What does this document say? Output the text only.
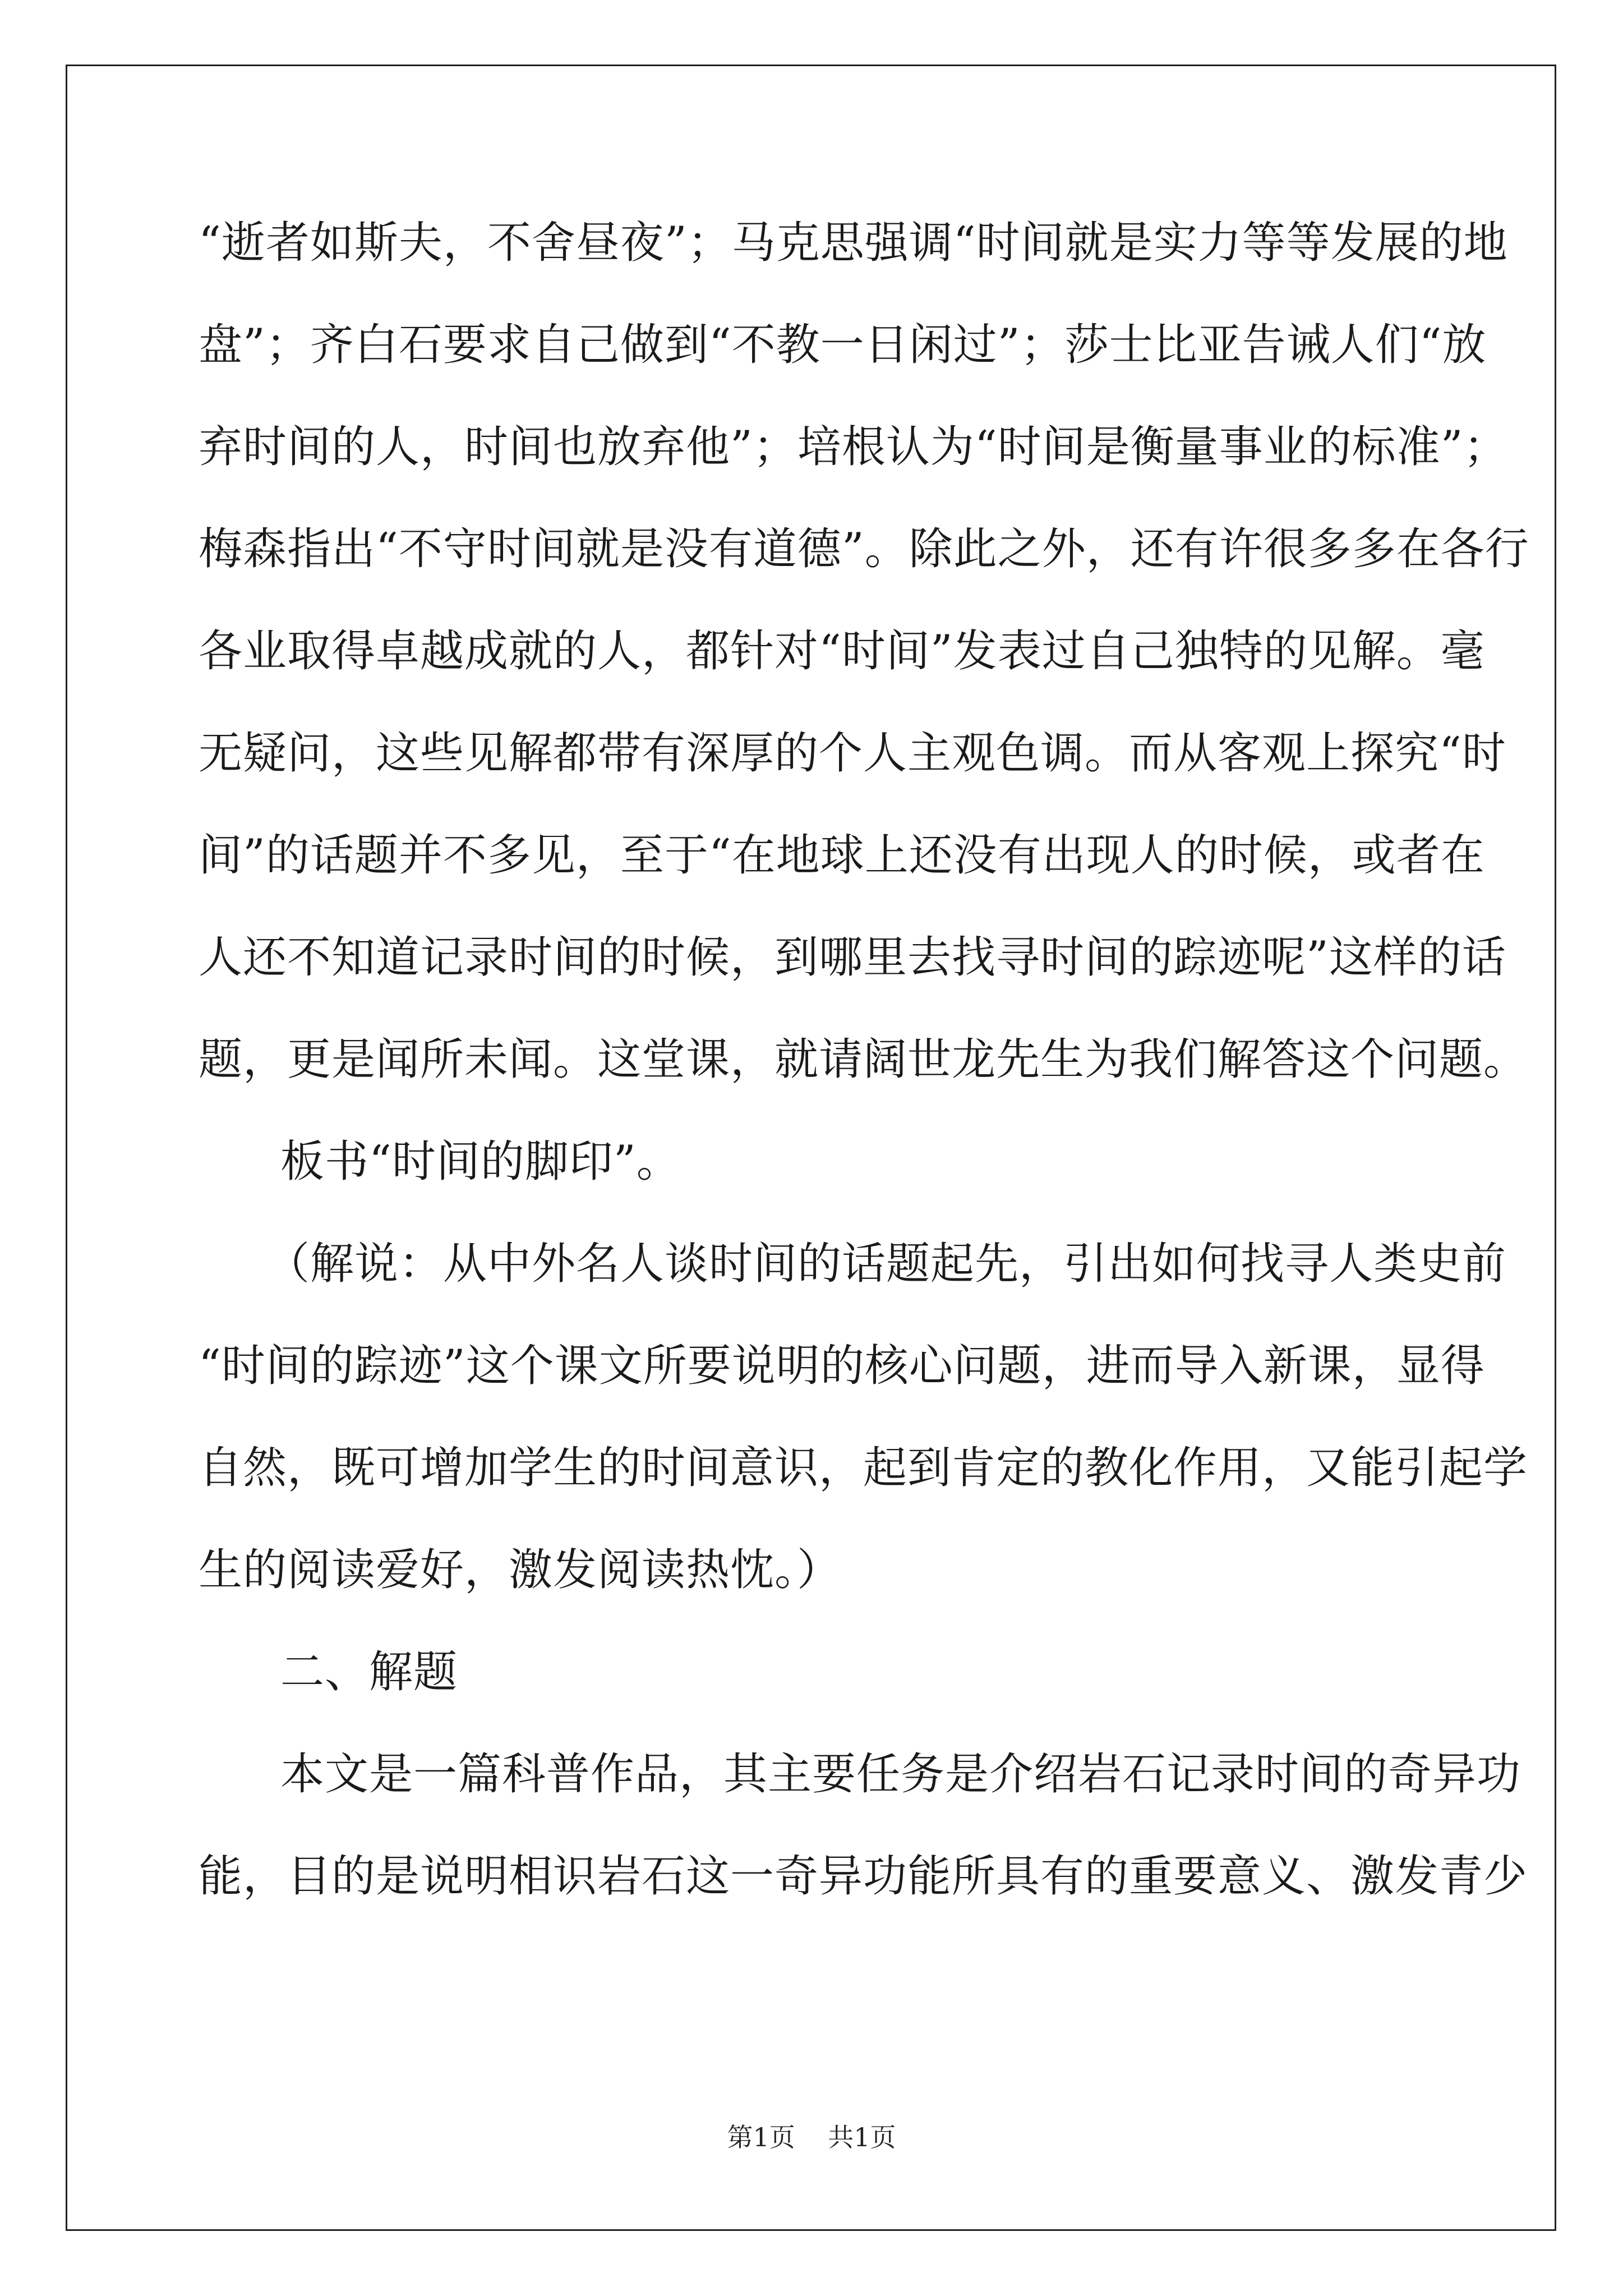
“逝者如斯夫，不舍昼夜”；马克思强调“时间就是实力等等发展的地
盘”；齐白石要求自己做到“不教一日闲过”；莎士比亚告诫人们“放
弃时间的人，时间也放弃他”；培根认为“时间是衡量事业的标准”；
梅森指出“不守时间就是没有道德”。除此之外，还有许很多多在各行
各业取得卓越成就的人，都针对“时间”发表过自己独特的见解。毫
无疑问，这些见解都带有深厚的个人主观色调。而从客观上探究“时
间”的话题并不多见，至于“在地球上还没有出现人的时候，或者在
人还不知道记录时间的时候，到哪里去找寻时间的踪迹呢”这样的话
题，更是闻所未闻。这堂课，就请阔世龙先生为我们解答这个问题。
板书“时间的脚印”。
（解说：从中外名人谈时间的话题起先，引出如何找寻人类史前
“时间的踪迹”这个课文所要说明的核心问题，进而导入新课，显得
自然，既可增加学生的时间意识，起到肯定的教化作用，又能引起学
生的阅读爱好，激发阅读热忱。）
二、解题
本文是一篇科普作品，其主要任务是介绍岩石记录时间的奇异功
能，目的是说明相识岩石这一奇异功能所具有的重要意义、激发青少
第1页 共1页
